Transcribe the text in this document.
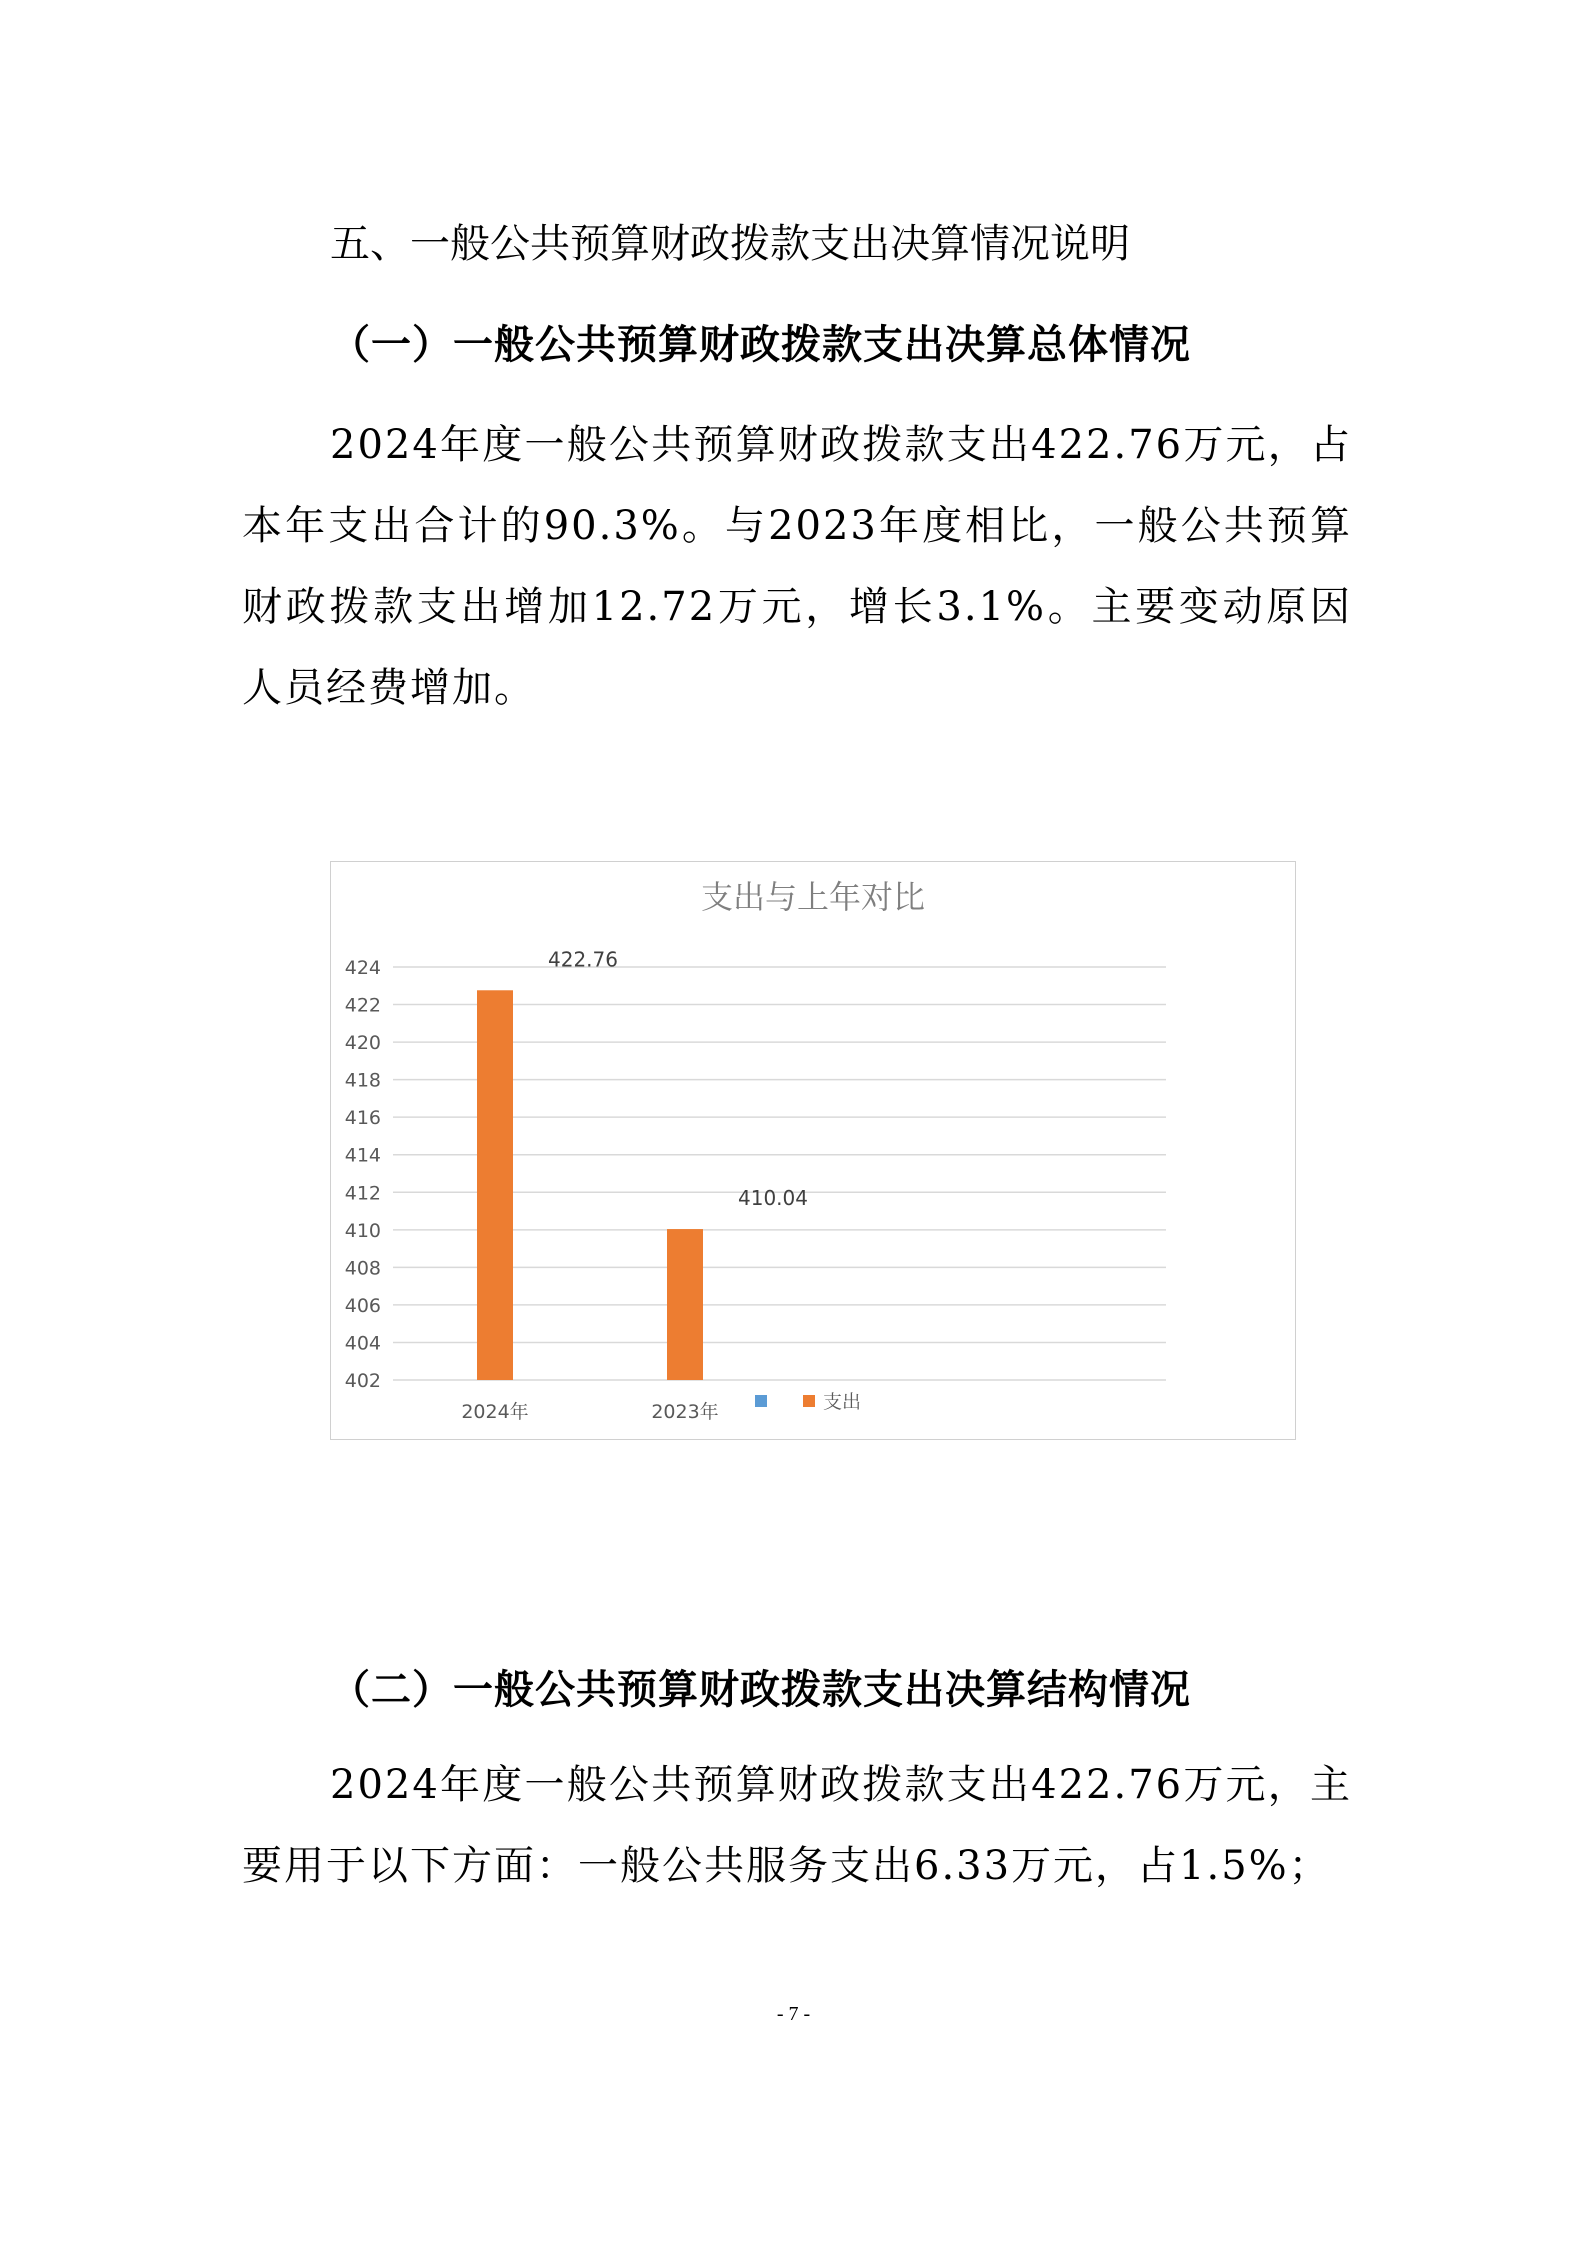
五、一般公共预算财政拨款支出决算情况说明
（一）一般公共预算财政拨款支出决算总体情况
2024年度一般公共预算财政拨款支出422.76万元，占本年支出合计的90.3%。与2023年度相比，一般公共预算财政拨款支出增加12.72万元，增长3.1%。主要变动原因人员经费增加。
支出与上年对比
424
422
420
418
416
414
412
410
408
406
404
402
422.76
2024年
410.04
2023年	支出
（二）一般公共预算财政拨款支出决算结构情况
2024年度一般公共预算财政拨款支出422.76万元，主要用于以下方面：一般公共服务支出6.33万元，占1.5%；
- 7 -
